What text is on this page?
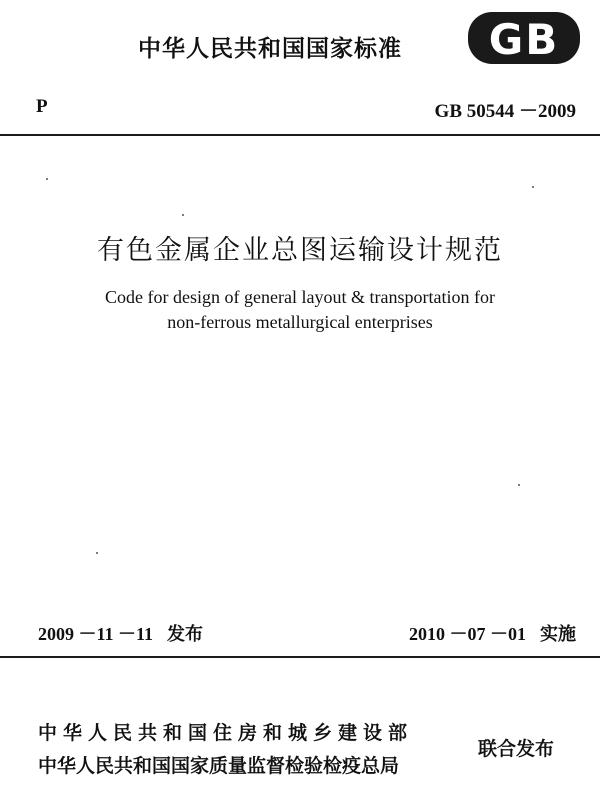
中华人民共和国国家标准 GB
P	GB 50544 －2009
有色金属企业总图运输设计规范
Code for design of general layout & transportation for
non-ferrous metallurgical enterprises
2009 －11 －11 发布	2010 －07 －01 实施
中华人民共和国住房和城乡建设部
中华人民共和国国家质量监督检验检疫总局
联合发布
